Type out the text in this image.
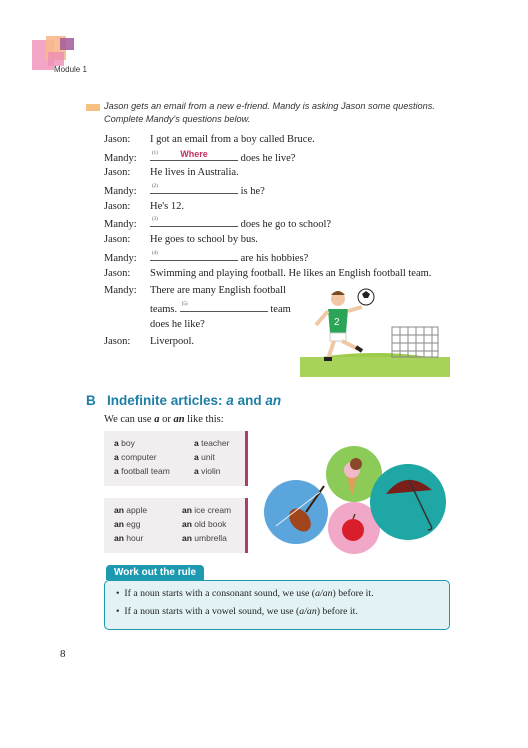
Module 1
Jason gets an email from a new e-friend. Mandy is asking Jason some questions.
Complete Mandy's questions below.
Jason: I got an email from a boy called Bruce.
Mandy:	(1)	Where	does he live?
Jason: He lives in Australia.
Mandy:	(2)	is he?
Jason: He's 12.
Mandy:	(3)	does he go to school?
Jason: He goes to school by bus.
Mandy:	(4)	are his hobbies?
Jason: Swimming and playing football. He likes an English football team.
Mandy: There are many English football
teams. (5)	team
does he like?
Jason: Liverpool.
2
B Indefinite articles: a and an
We can use a or an like this:
a boy	a teacher
a computer	a unit
a football team	a violin
an apple	an ice cream
an egg	an old book
an hour	an umbrella
Work out the rule
• If a noun starts with a consonant sound, we use (a/an) before it.
• If a noun starts with a vowel sound, we use (a/an) before it.
8
